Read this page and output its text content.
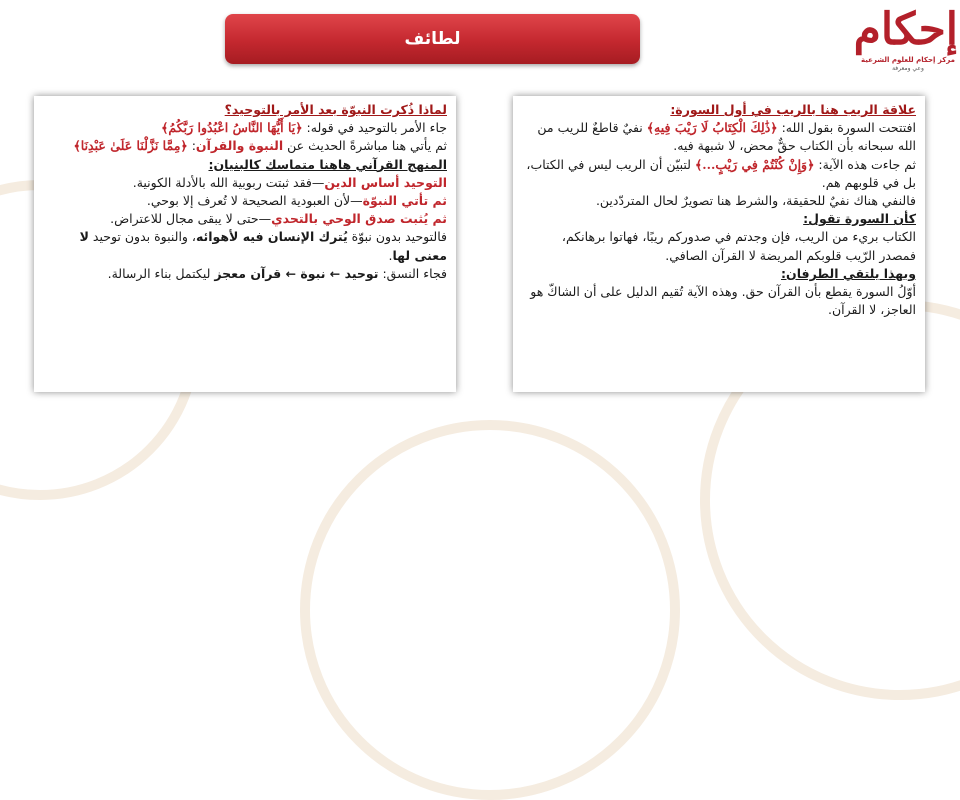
لطائف	إحكام
مركز إحكام للعلوم الشرعية
وعي ومعرفة

علاقة الريب هنا بالريب في أول السورة:

افتتحت السورة بقول الله: ﴿ذَٰلِكَ الْكِتَابُ لَا رَيْبَ فِيهِ﴾ نفيٌ قاطعٌ للريب من الله سبحانه بأن الكتاب حقٌّ محض، لا شبهة فيه.

ثم جاءت هذه الآية: ﴿وَإِنْ كُنْتُمْ فِي رَيْبٍ...﴾ لتبيّن أن الريب ليس في الكتاب، بل في قلوبهم هم.

فالنفي هناك نفيٌ للحقيقة، والشرط هنا تصويرٌ لحال المتردّدين.

كأن السورة تقول:

الكتاب بريء من الريب، فإن وجدتم في صدوركم ريبًا، فهاتوا برهانكم، فمصدر الرّيب قلوبكم المريضة لا القرآن الصافي.

وبهذا يلتقي الطرفان:

أوّلُ السورة يقطع بأن القرآن حق. وهذه الآية تُقيم الدليل على أن الشاكّ هو العاجز، لا القرآن.

لماذا ذُكرت النبوّة بعد الأمر بالتوحيد؟

جاء الأمر بالتوحيد في قوله: ﴿يَا أَيُّهَا النَّاسُ اعْبُدُوا رَبَّكُمُ﴾

ثم يأتي هنا مباشرةً الحديث عن النبوة والقرآن: ﴿مِمَّا نَزَّلْنَا عَلَىٰ عَبْدِنَا﴾

المنهج القرآني هاهنا متماسك كالبنيان:

التوحيد أساس الدين—فقد ثبتت ربوبية الله بالأدلة الكونية.

ثم تأتي النبوّة—لأن العبودية الصحيحة لا تُعرف إلا بوحي.

ثم يُثبت صدق الوحي بالتحدي—حتى لا يبقى مجال للاعتراض.

فالتوحيد بدون نبوّة يُترك الإنسان فيه لأهوائه، والنبوة بدون توحيد لا معنى لها.

فجاء النسق: توحيد ← نبوة ← قرآن معجز ليكتمل بناء الرسالة.
